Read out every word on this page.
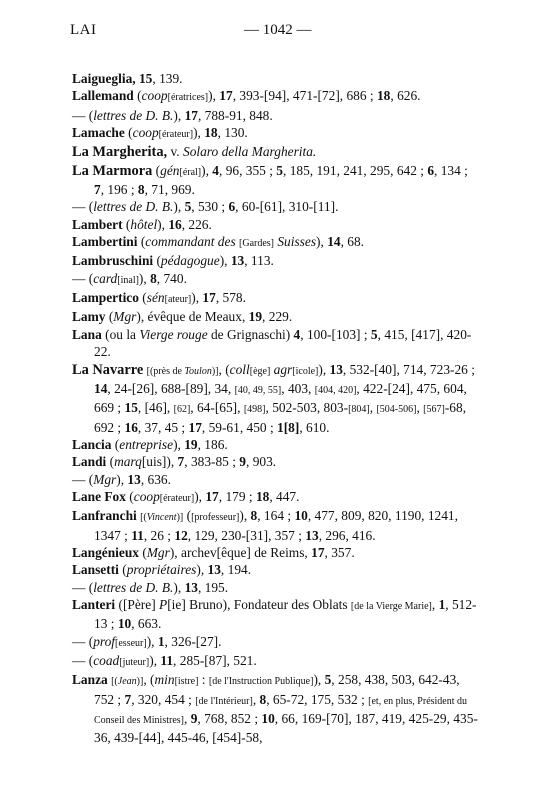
LAI	— 1042 —

Laigueglia, 15, 139.

Lallemand (coop[ératrices]), 17, 393-[94], 471-[72], 686 ; 18, 626.

— (lettres de D. B.), 17, 788-91, 848.

Lamache (coop[érateur]), 18, 130.

La Margherita, v. Solaro della Margherita.

La Marmora (gén[éral]), 4, 96, 355 ; 5, 185, 191, 241, 295, 642 ; 6, 134 ; 7, 196 ; 8, 71, 969.

— (lettres de D. B.), 5, 530 ; 6, 60-[61], 310-[11].

Lambert (hôtel), 16, 226.

Lambertini (commandant des [Gardes] Suisses), 14, 68.

Lambruschini (pédagogue), 13, 113.

— (card[inal]), 8, 740.

Lampertico (sén[ateur]), 17, 578.

Lamy (Mgr), évêque de Meaux, 19, 229.

Lana (ou la Vierge rouge de Grignaschi) 4, 100-[103] ; 5, 415, [417], 420-22.

La Navarre [(près de Toulon)], (coll[ège] agr[icole]), 13, 532-[40], 714, 723-26 ; 14, 24-[26], 688-[89], 34, [40, 49, 55], 403, [404, 420], 422-[24], 475, 604, 669 ; 15, [46], [62], 64-[65], [498], 502-503, 803-[804], [504-506], [567]-68, 692 ; 16, 37, 45 ; 17, 59-61, 450 ; 1[8], 610.

Lancia (entreprise), 19, 186.

Landi (marq[uis]), 7, 383-85 ; 9, 903.

— (Mgr), 13, 636.

Lane Fox (coop[érateur]), 17, 179 ; 18, 447.

Lanfranchi [(Vincent)] ([professeur]), 8, 164 ; 10, 477, 809, 820, 1190, 1241, 1347 ; 11, 26 ; 12, 129, 230-[31], 357 ; 13, 296, 416.

Langénieux (Mgr), archev[êque] de Reims, 17, 357.

Lansetti (propriétaires), 13, 194.

— (lettres de D. B.), 13, 195.

Lanteri ([Père] P[ie] Bruno), Fondateur des Oblats [de la Vierge Marie], 1, 512-13 ; 10, 663.

— (prof[esseur]), 1, 326-[27].

— (coad[juteur]), 11, 285-[87], 521.

Lanza [(Jean)], (min[istre] : [de l'Instruction Publique]), 5, 258, 438, 503, 642-43, 752 ; 7, 320, 454 ; [de l'Intérieur], 8, 65-72, 175, 532 ; [et, en plus, Président du Conseil des Ministres], 9, 768, 852 ; 10, 66, 169-[70], 187, 419, 425-29, 435-36, 439-[44], 445-46, [454]-58,
